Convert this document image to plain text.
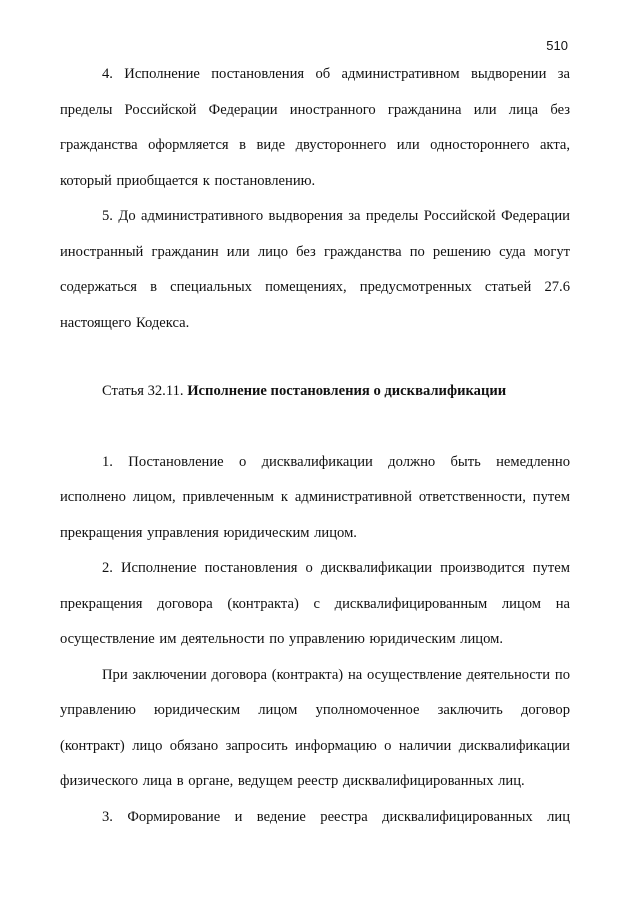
510

4. Исполнение постановления об административном выдворении за пределы Российской Федерации иностранного гражданина или лица без гражданства оформляется в виде двустороннего или одностороннего акта, который приобщается к постановлению.

5. До административного выдворения за пределы Российской Федерации иностранный гражданин или лицо без гражданства по решению суда могут содержаться в специальных помещениях, предусмотренных статьей 27.6 настоящего Кодекса.

Статья 32.11. Исполнение постановления о дисквалификации

1. Постановление о дисквалификации должно быть немедленно исполнено лицом, привлеченным к административной ответственности, путем прекращения управления юридическим лицом.

2. Исполнение постановления о дисквалификации производится путем прекращения договора (контракта) с дисквалифицированным лицом на осуществление им деятельности по управлению юридическим лицом.

При заключении договора (контракта) на осуществление деятельности по управлению юридическим лицом уполномоченное заключить договор (контракт) лицо обязано запросить информацию о наличии дисквалификации физического лица в органе, ведущем реестр дисквалифицированных лиц.

3. Формирование и ведение реестра дисквалифицированных лиц
